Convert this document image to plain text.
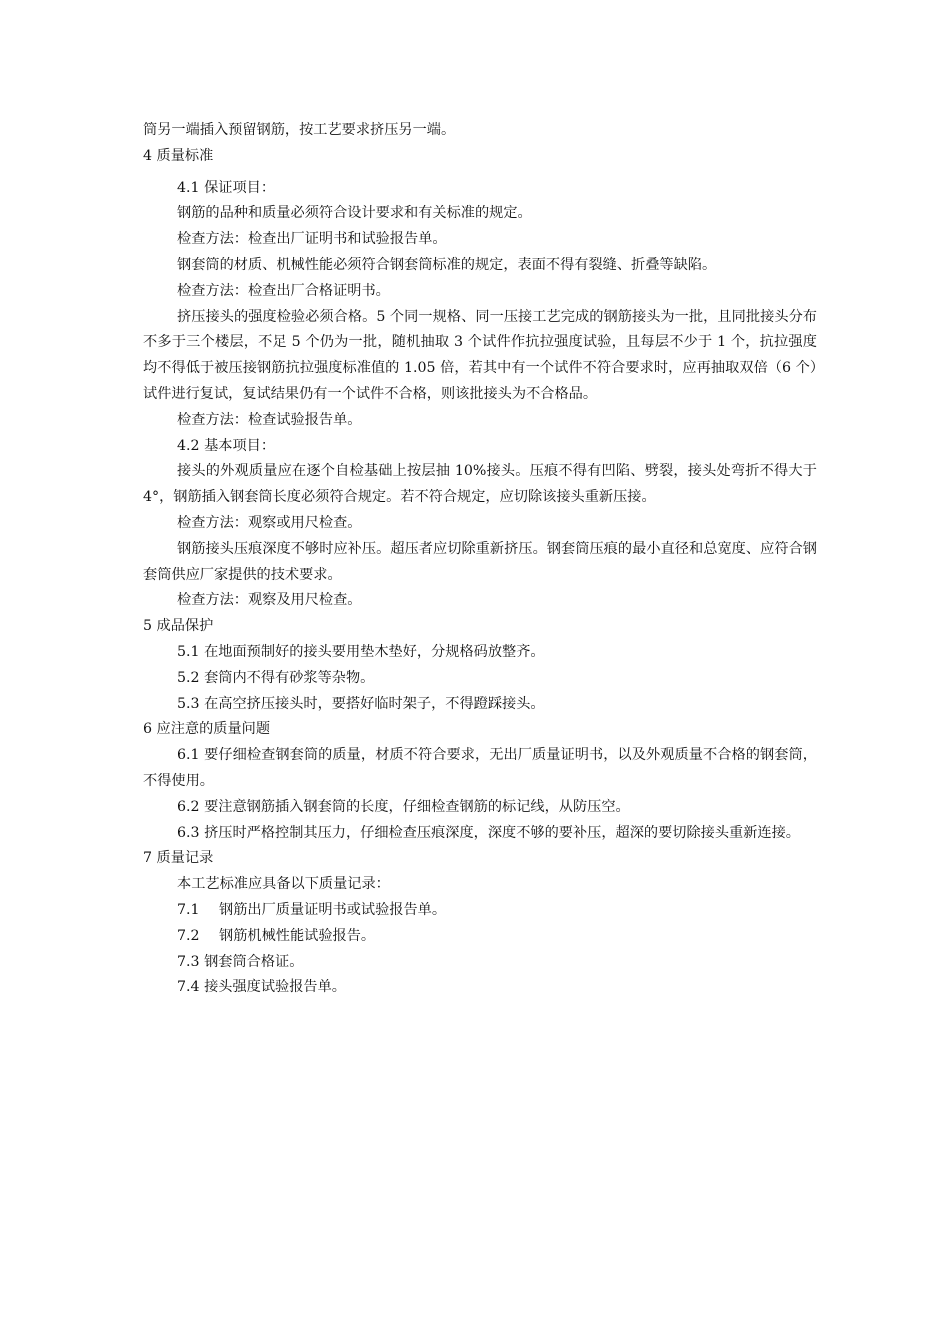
筒另一端插入预留钢筋，按工艺要求挤压另一端。
4 质量标准
4.1 保证项目：
钢筋的品种和质量必须符合设计要求和有关标准的规定。
检查方法：检查出厂证明书和试验报告单。
钢套筒的材质、机械性能必须符合钢套筒标准的规定，表面不得有裂缝、折叠等缺陷。
检查方法：检查出厂合格证明书。
挤压接头的强度检验必须合格。5 个同一规格、同一压接工艺完成的钢筋接头为一批，且同批接头分布不多于三个楼层，不足 5 个仍为一批，随机抽取 3 个试件作抗拉强度试验，且每层不少于 1 个，抗拉强度均不得低于被压接钢筋抗拉强度标准值的 1.05 倍，若其中有一个试件不符合要求时，应再抽取双倍（6 个）试件进行复试，复试结果仍有一个试件不合格，则该批接头为不合格品。
检查方法：检查试验报告单。
4.2 基本项目：
接头的外观质量应在逐个自检基础上按层抽 10%接头。压痕不得有凹陷、劈裂，接头处弯折不得大于 4°，钢筋插入钢套筒长度必须符合规定。若不符合规定，应切除该接头重新压接。
检查方法：观察或用尺检查。
钢筋接头压痕深度不够时应补压。超压者应切除重新挤压。钢套筒压痕的最小直径和总宽度、应符合钢套筒供应厂家提供的技术要求。
检查方法：观察及用尺检查。
5 成品保护
5.1 在地面预制好的接头要用垫木垫好，分规格码放整齐。
5.2 套筒内不得有砂浆等杂物。
5.3 在高空挤压接头时，要搭好临时架子，不得蹬踩接头。
6 应注意的质量问题
6.1 要仔细检查钢套筒的质量，材质不符合要求，无出厂质量证明书，以及外观质量不合格的钢套筒，不得使用。
6.2 要注意钢筋插入钢套筒的长度，仔细检查钢筋的标记线，从防压空。
6.3 挤压时严格控制其压力，仔细检查压痕深度，深度不够的要补压，超深的要切除接头重新连接。
7 质量记录
本工艺标准应具备以下质量记录：
7.1 钢筋出厂质量证明书或试验报告单。
7.2 钢筋机械性能试验报告。
7.3 钢套筒合格证。
7.4 接头强度试验报告单。
